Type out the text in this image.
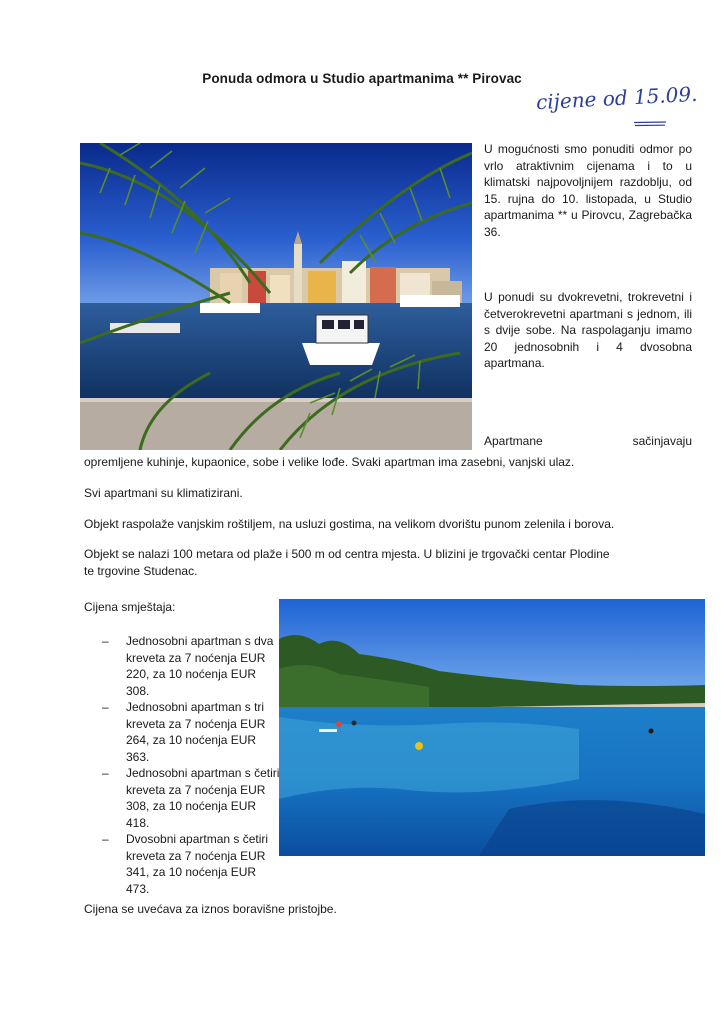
Ponuda odmora u Studio apartmanima ** Pirovac
cijene od 15.09.
U mogućnosti smo ponuditi odmor po vrlo atraktivnim cijenama i to u klimatski najpovoljnijem razdoblju, od 15. rujna do 10. listopada, u Studio apartmanima ** u Pirovcu, Zagrebačka 36.
U ponudi su dvokrevetni, trokrevetni i četverokrevetni apartmani s jednom, ili s dvije sobe. Na raspolaganju imamo 20 jednosobnih i 4 dvosobna apartmana.
Apartmane sačinjavaju
opremljene kuhinje, kupaonice, sobe i velike lođe. Svaki apartman ima zasebni, vanjski ulaz.
Svi apartmani su klimatizirani.
Objekt raspolaže vanjskim roštiljem, na usluzi gostima, na velikom dvorištu punom zelenila i borova.
Objekt se nalazi 100 metara od plaže i 500 m od centra mjesta. U blizini je trgovački centar Plodine
te trgovine Studenac.
Cijena smještaja:
– Jednosobni apartman s dva kreveta za 7 noćenja EUR 220, za 10 noćenja EUR 308.
– Jednosobni apartman s tri kreveta za 7 noćenja EUR 264, za 10 noćenja EUR 363.
– Jednosobni apartman s četiri kreveta za 7 noćenja EUR 308, za 10 noćenja EUR 418.
– Dvosobni apartman s četiri kreveta za 7 noćenja EUR 341, za 10 noćenja EUR 473.
Cijena se uvećava za iznos boravišne pristojbe.
